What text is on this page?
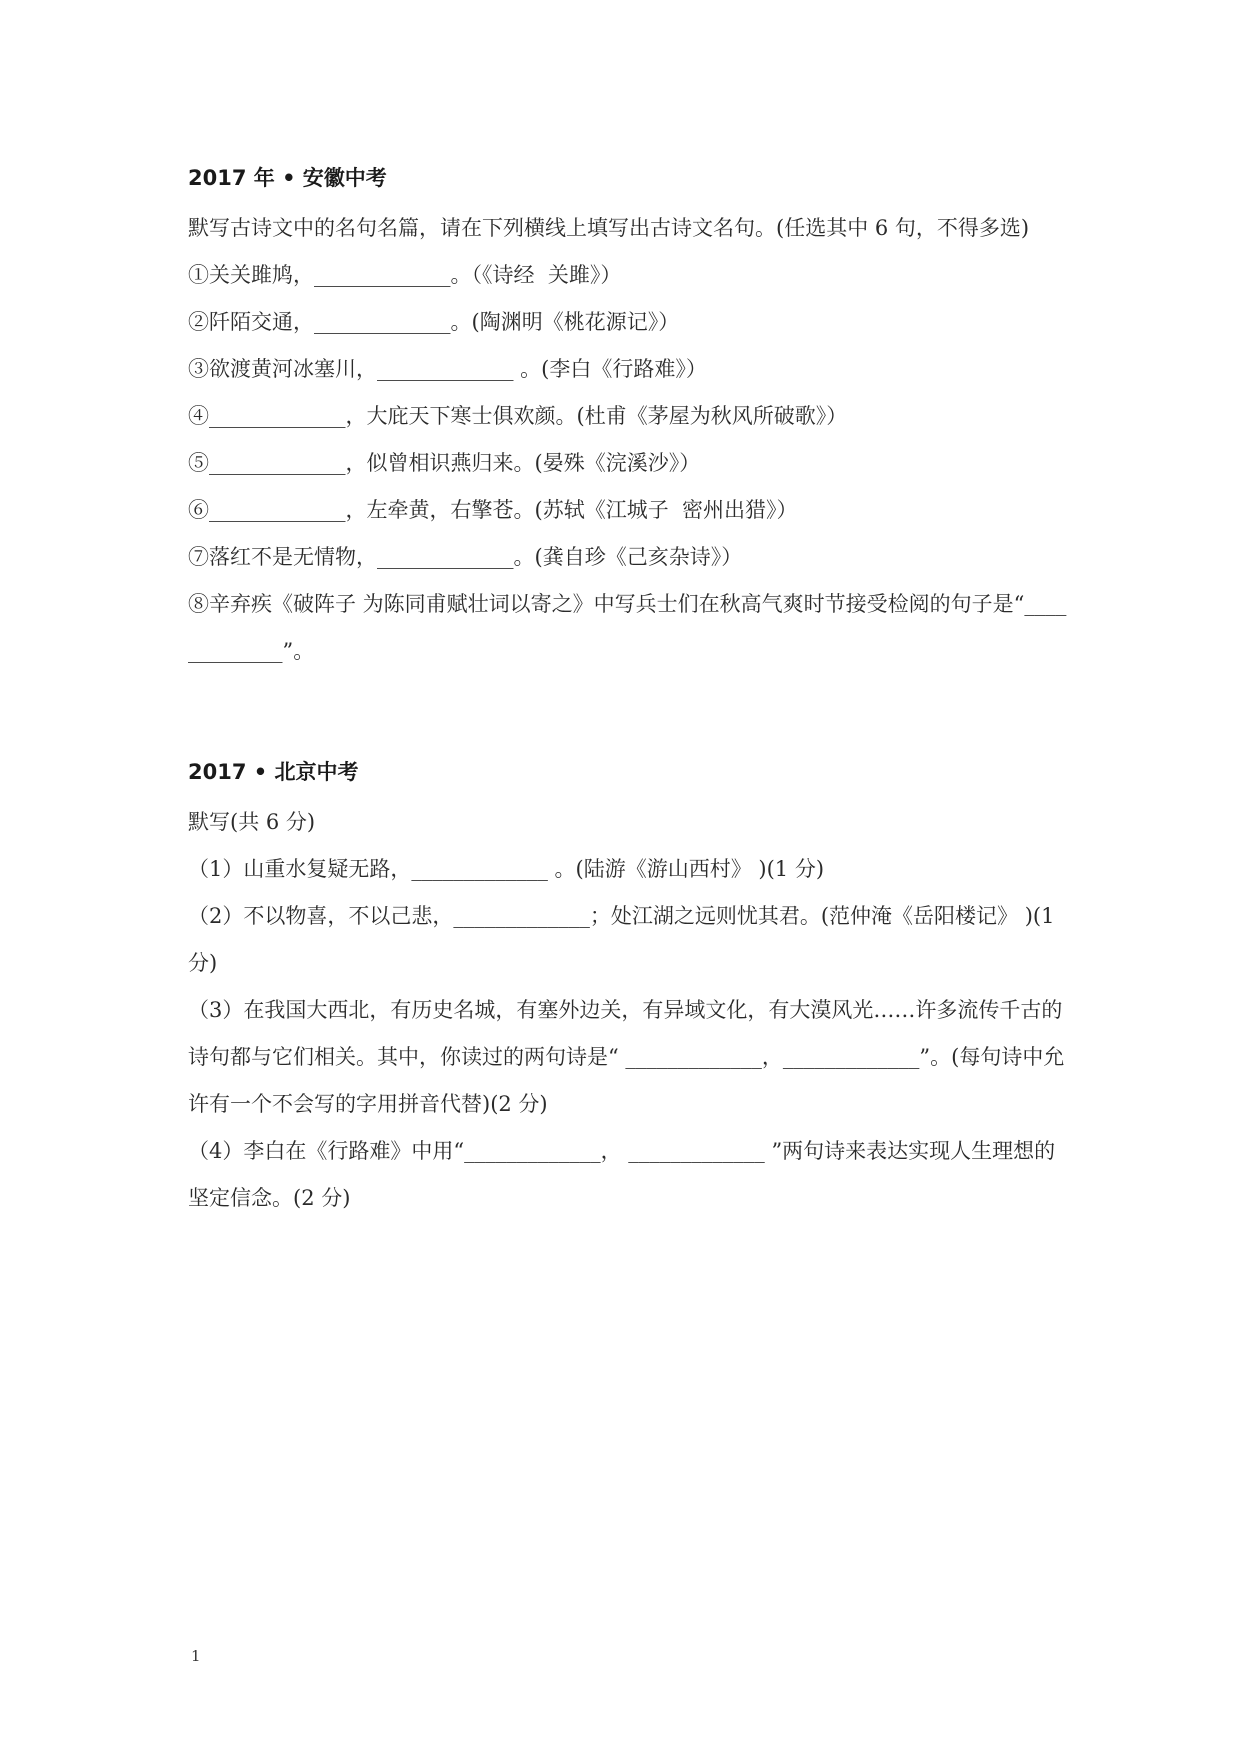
2017 年 • 安徽中考
默写古诗文中的名句名篇，请在下列横线上填写出古诗文名句。(任选其中 6 句，不得多选)
①关关雎鸠，_____________。（《诗经  关雎》）
②阡陌交通，_____________。(陶渊明《桃花源记》）
③欲渡黄河冰塞川，_____________ 。(李白《行路难》）
④_____________，大庇天下寒士俱欢颜。(杜甫《茅屋为秋风所破歌》）
⑤_____________，似曾相识燕归来。(晏殊《浣溪沙》）
⑥_____________，左牵黄，右擎苍。(苏轼《江城子  密州出猎》）
⑦落红不是无情物，_____________。(龚自珍《己亥杂诗》）
⑧辛弃疾《破阵子 为陈同甫赋壮词以寄之》中写兵士们在秋高气爽时节接受检阅的句子是“_____________”。
2017 • 北京中考
默写(共 6 分)
（1）山重水复疑无路，_____________ 。(陆游《游山西村》 )(1 分)
（2）不以物喜，不以己悲，_____________；处江湖之远则忧其君。(范仲淹《岳阳楼记》 )(1 分)
（3）在我国大西北，有历史名城，有塞外边关，有异域文化，有大漠风光……许多流传千古的诗句都与它们相关。其中，你读过的两句诗是“ _____________，_____________”。(每句诗中允许有一个不会写的字用拼音代替)(2 分)
（4）李白在《行路难》中用“_____________， _____________ ”两句诗来表达实现人生理想的坚定信念。(2 分)
1
